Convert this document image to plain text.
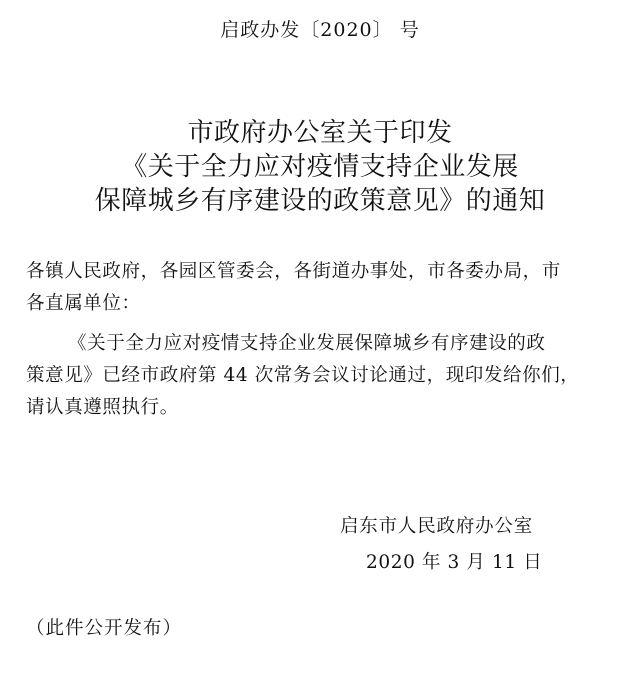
启政办发〔2020〕 号
市政府办公室关于印发
《关于全力应对疫情支持企业发展
保障城乡有序建设的政策意见》的通知
各镇人民政府，各园区管委会，各街道办事处，市各委办局，市
各直属单位：
《关于全力应对疫情支持企业发展保障城乡有序建设的政
策意见》已经市政府第 44 次常务会议讨论通过，现印发给你们，
请认真遵照执行。
启东市人民政府办公室
2020 年 3 月 11 日
（此件公开发布）
